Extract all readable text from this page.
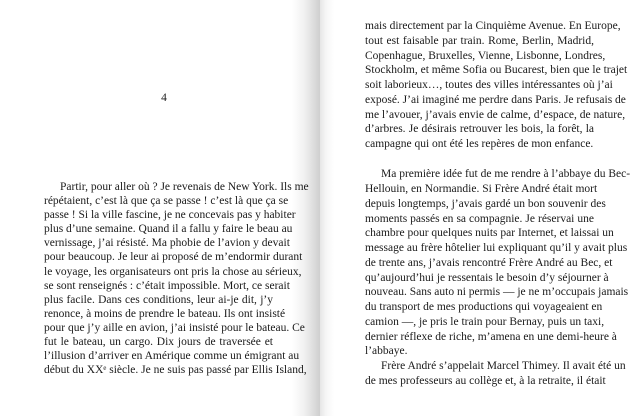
4
Partir, pour aller où ? Je revenais de New York. Ils me
répétaient, c’est là que ça se passe ! c’est là que ça se
passe ! Si la ville fascine, je ne concevais pas y habiter
plus d’une semaine. Quand il a fallu y faire le beau au
vernissage, j’ai résisté. Ma phobie de l’avion y devait
pour beaucoup. Je leur ai proposé de m’endormir durant
le voyage, les organisateurs ont pris la chose au sérieux,
se sont renseignés : c’était impossible. Mort, ce serait
plus facile. Dans ces conditions, leur ai-je dit, j’y
renonce, à moins de prendre le bateau. Ils ont insisté
pour que j’y aille en avion, j’ai insisté pour le bateau. Ce
fut le bateau, un cargo. Dix jours de traversée et
l’illusion d’arriver en Amérique comme un émigrant au
début du XXᵉ siècle. Je ne suis pas passé par Ellis Island,
mais directement par la Cinquième Avenue. En Europe,
tout est faisable par train. Rome, Berlin, Madrid,
Copenhague, Bruxelles, Vienne, Lisbonne, Londres,
Stockholm, et même Sofia ou Bucarest, bien que le trajet
soit laborieux…, toutes des villes intéressantes où j’ai
exposé. J’ai imaginé me perdre dans Paris. Je refusais de
me l’avouer, j’avais envie de calme, d’espace, de nature,
d’arbres. Je désirais retrouver les bois, la forêt, la
campagne qui ont été les repères de mon enfance.
Ma première idée fut de me rendre à l’abbaye du Bec-
Hellouin, en Normandie. Si Frère André était mort
depuis longtemps, j’avais gardé un bon souvenir des
moments passés en sa compagnie. Je réservai une
chambre pour quelques nuits par Internet, et laissai un
message au frère hôtelier lui expliquant qu’il y avait plus
de trente ans, j’avais rencontré Frère André au Bec, et
qu’aujourd’hui je ressentais le besoin d’y séjourner à
nouveau. Sans auto ni permis — je ne m’occupais jamais
du transport de mes productions qui voyageaient en
camion —, je pris le train pour Bernay, puis un taxi,
dernier réflexe de riche, m’amena en une demi-heure à
l’abbaye.
Frère André s’appelait Marcel Thimey. Il avait été un
de mes professeurs au collège et, à la retraite, il était
